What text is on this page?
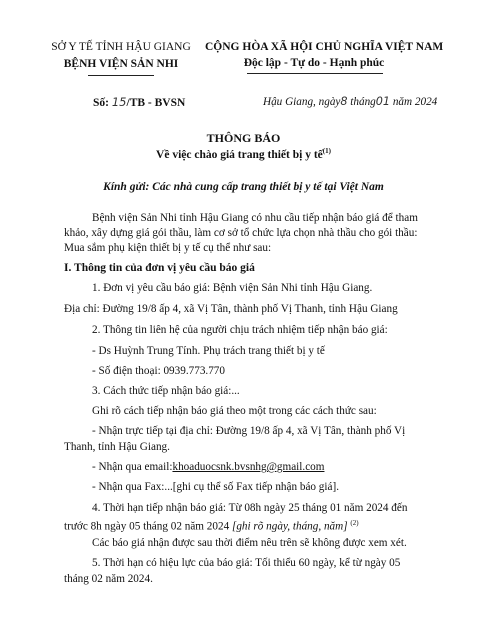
SỞ Y TẾ TỈNH HẬU GIANG
BỆNH VIỆN SẢN NHI
CỘNG HÒA XÃ HỘI CHỦ NGHĨA VIỆT NAM
Độc lập - Tự do - Hạnh phúc
Số: 15/TB - BVSN	Hậu Giang, ngày8 tháng01 năm 2024
THÔNG BÁO
Về việc chào giá trang thiết bị y tế$^{(1)}$
Kính gửi: Các nhà cung cấp trang thiết bị y tế tại Việt Nam
Bệnh viện Sản Nhi tỉnh Hậu Giang có nhu cầu tiếp nhận báo giá để tham
khảo, xây dựng giá gói thầu, làm cơ sở tổ chức lựa chọn nhà thầu cho gói thầu:
Mua sắm phụ kiện thiết bị y tế cụ thể như sau:
I. Thông tin của đơn vị yêu cầu báo giá
1. Đơn vị yêu cầu báo giá: Bệnh viện Sản Nhi tỉnh Hậu Giang.
Địa chỉ: Đường 19/8 ấp 4, xã Vị Tân, thành phố Vị Thanh, tỉnh Hậu Giang
2. Thông tin liên hệ của người chịu trách nhiệm tiếp nhận báo giá:
- Ds Huỳnh Trung Tính. Phụ trách trang thiết bị y tế
- Số điện thoại: 0939.773.770
3. Cách thức tiếp nhận báo giá:...
Ghi rõ cách tiếp nhận báo giá theo một trong các cách thức sau:
- Nhận trực tiếp tại địa chỉ: Đường 19/8 ấp 4, xã Vị Tân, thành phố Vị
Thanh, tỉnh Hậu Giang.
- Nhận qua email:khoaduocsnk.bvsnhg@gmail.com
- Nhận qua Fax:...[ghi cụ thể số Fax tiếp nhận báo giá].
4. Thời hạn tiếp nhận báo giá: Từ 08h ngày 25 tháng 01 năm 2024 đến
trước 8h ngày 05 tháng 02 năm 2024 [ghi rõ ngày, tháng, năm] $^{(2)}$
Các báo giá nhận được sau thời điểm nêu trên sẽ không được xem xét.
5. Thời hạn có hiệu lực của báo giá: Tối thiểu 60 ngày, kể từ ngày 05
tháng 02 năm 2024.
